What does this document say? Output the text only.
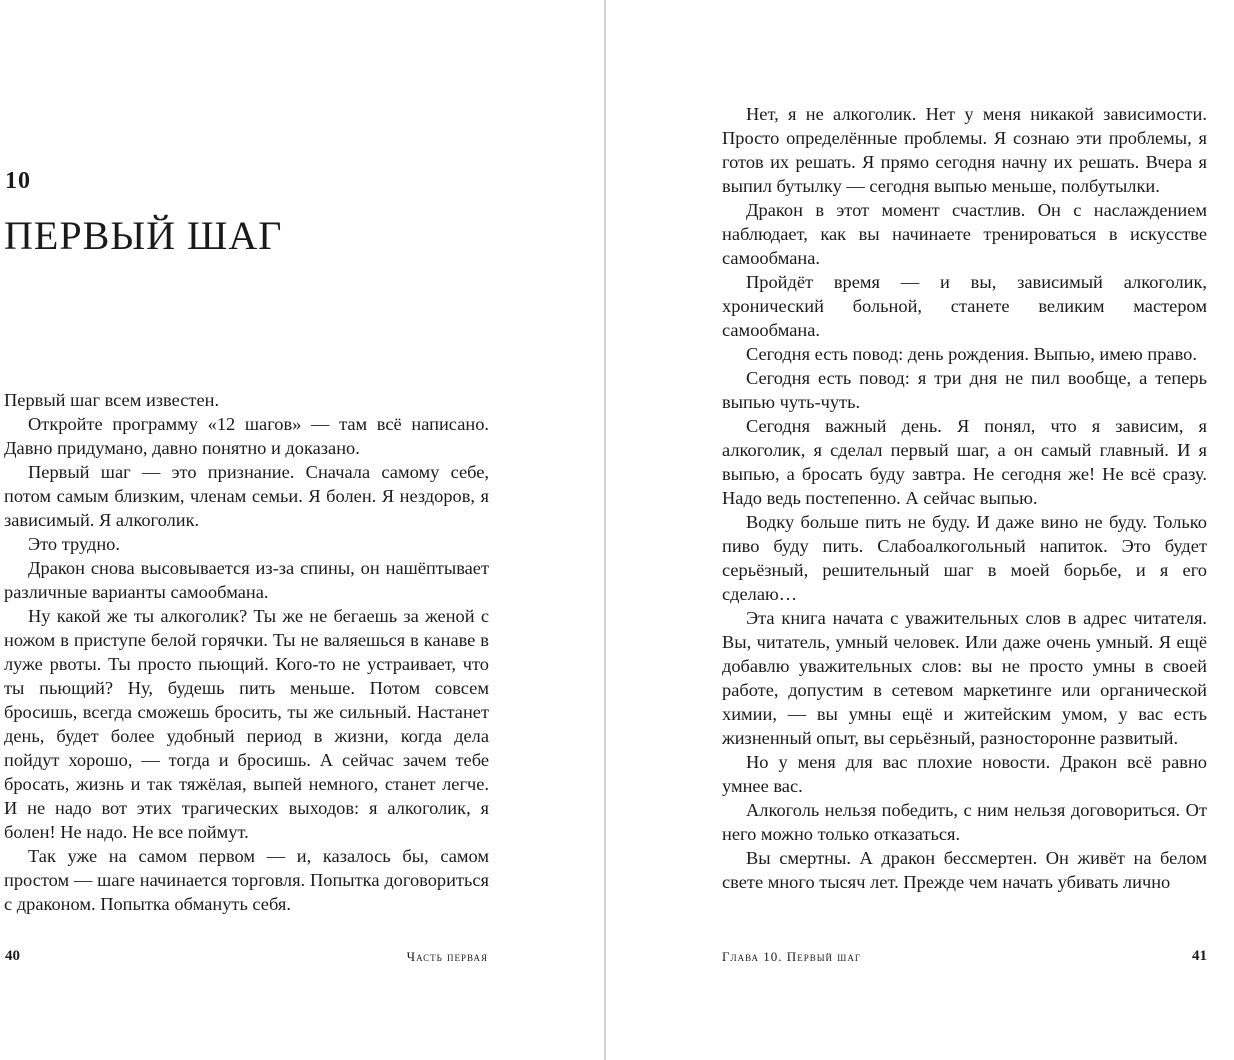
10
ПЕРВЫЙ ШАГ

Первый шаг всем известен.

Откройте программу «12 шагов» — там всё написано. Давно придумано, давно понятно и доказано.

Первый шаг — это признание. Сначала самому себе, потом самым близким, членам семьи. Я болен. Я нездоров, я зависимый. Я алкоголик.

Это трудно.

Дракон снова высовывается из-за спины, он нашёптывает различные варианты самообмана.

Ну какой же ты алкоголик? Ты же не бегаешь за женой с ножом в приступе белой горячки. Ты не валяешься в канаве в луже рвоты. Ты просто пьющий. Кого-то не устраивает, что ты пьющий? Ну, будешь пить меньше. Потом совсем бросишь, всегда сможешь бросить, ты же сильный. Настанет день, будет более удобный период в жизни, когда дела пойдут хорошо, — тогда и бросишь. А сейчас зачем тебе бросать, жизнь и так тяжёлая, выпей немного, станет легче. И не надо вот этих трагических выходов: я алкоголик, я болен! Не надо. Не все поймут.

Так уже на самом первом — и, казалось бы, самом простом — шаге начинается торговля. Попытка договориться с драконом. Попытка обмануть себя.

40	Часть первая

Нет, я не алкоголик. Нет у меня никакой зависимости. Просто определённые проблемы. Я сознаю эти проблемы, я готов их решать. Я прямо сегодня начну их решать. Вчера я выпил бутылку — сегодня выпью меньше, полбутылки.

Дракон в этот момент счастлив. Он с наслаждением наблюдает, как вы начинаете тренироваться в искусстве самообмана.

Пройдёт время — и вы, зависимый алкоголик, хронический больной, станете великим мастером самообмана.

Сегодня есть повод: день рождения. Выпью, имею право.

Сегодня есть повод: я три дня не пил вообще, а теперь выпью чуть-чуть.

Сегодня важный день. Я понял, что я зависим, я алкоголик, я сделал первый шаг, а он самый главный. И я выпью, а бросать буду завтра. Не сегодня же! Не всё сразу. Надо ведь постепенно. А сейчас выпью.

Водку больше пить не буду. И даже вино не буду. Только пиво буду пить. Слабоалкогольный напиток. Это будет серьёзный, решительный шаг в моей борьбе, и я его сделаю…

Эта книга начата с уважительных слов в адрес читателя. Вы, читатель, умный человек. Или даже очень умный. Я ещё добавлю уважительных слов: вы не просто умны в своей работе, допустим в сетевом маркетинге или органической химии, — вы умны ещё и житейским умом, у вас есть жизненный опыт, вы серьёзный, разносторонне развитый.

Но у меня для вас плохие новости. Дракон всё равно умнее вас.

Алкоголь нельзя победить, с ним нельзя договориться. От него можно только отказаться.

Вы смертны. А дракон бессмертен. Он живёт на белом свете много тысяч лет. Прежде чем начать убивать лично

Глава 10. Первый шаг	41
